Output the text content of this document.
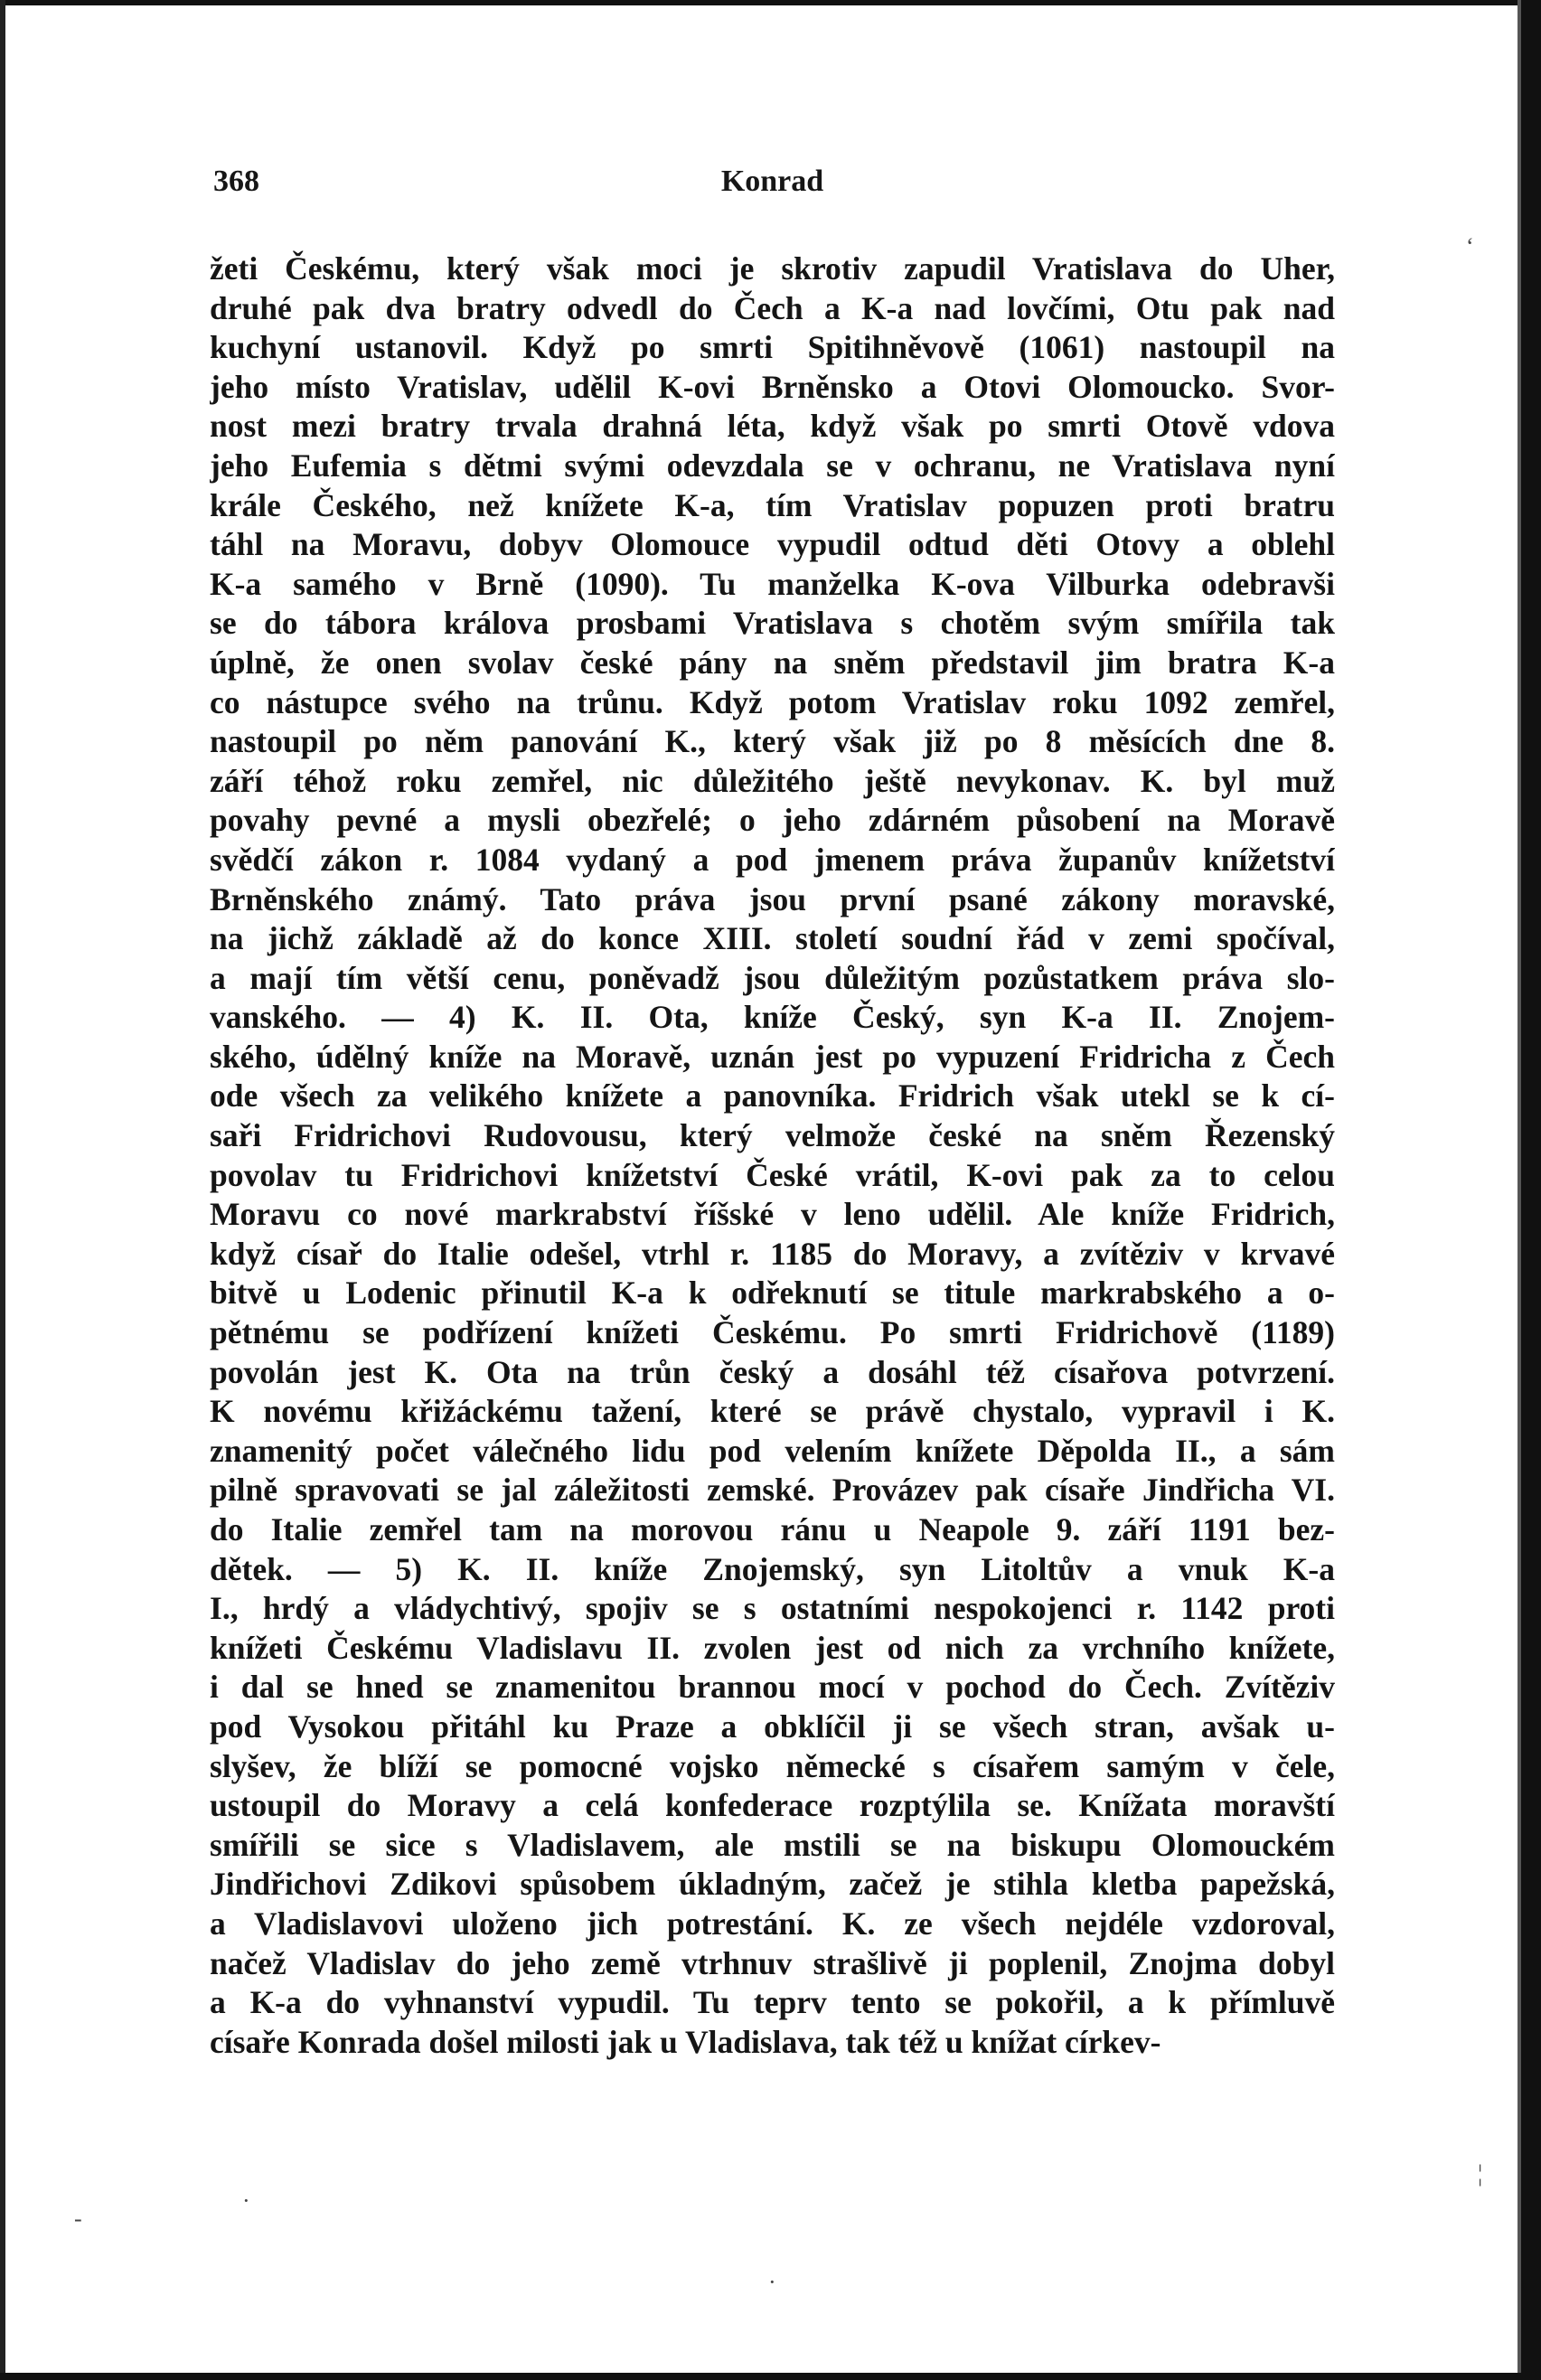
368	Konrad
žeti Českému, který však moci je skrotiv zapudil Vratislava do Uher,
druhé pak dva bratry odvedl do Čech a K-a nad lovčími, Otu pak nad
kuchyní ustanovil. Když po smrti Spitihněvově (1061) nastoupil na
jeho místo Vratislav, udělil K-ovi Brněnsko a Otovi Olomoucko. Svor-
nost mezi bratry trvala drahná léta, když však po smrti Otově vdova
jeho Eufemia s dětmi svými odevzdala se v ochranu, ne Vratislava nyní
krále Českého, než knížete K-a, tím Vratislav popuzen proti bratru
táhl na Moravu, dobyv Olomouce vypudil odtud děti Otovy a oblehl
K-a samého v Brně (1090). Tu manželka K-ova Vilburka odebravši
se do tábora králova prosbami Vratislava s chotěm svým smířila tak
úplně, že onen svolav české pány na sněm představil jim bratra K-a
co nástupce svého na trůnu. Když potom Vratislav roku 1092 zemřel,
nastoupil po něm panování K., který však již po 8 měsících dne 8.
září téhož roku zemřel, nic důležitého ještě nevykonav. K. byl muž
povahy pevné a mysli obezřelé; o jeho zdárném působení na Moravě
svědčí zákon r. 1084 vydaný a pod jmenem práva županův knížetství
Brněnského známý. Tato práva jsou první psané zákony moravské,
na jichž základě až do konce XIII. století soudní řád v zemi spočíval,
a mají tím větší cenu, poněvadž jsou důležitým pozůstatkem práva slo-
vanského. — 4) K. II. Ota, kníže Český, syn K-a II. Znojem-
ského, údělný kníže na Moravě, uznán jest po vypuzení Fridricha z Čech
ode všech za velikého knížete a panovníka. Fridrich však utekl se k cí-
saři Fridrichovi Rudovousu, který velmože české na sněm Řezenský
povolav tu Fridrichovi knížetství České vrátil, K-ovi pak za to celou
Moravu co nové markrabství říšské v leno udělil. Ale kníže Fridrich,
když císař do Italie odešel, vtrhl r. 1185 do Moravy, a zvítěziv v krvavé
bitvě u Lodenic přinutil K-a k odřeknutí se titule markrabského a o-
pětnému se podřízení knížeti Českému. Po smrti Fridrichově (1189)
povolán jest K. Ota na trůn český a dosáhl též císařova potvrzení.
K novému křižáckému tažení, které se právě chystalo, vypravil i K.
znamenitý počet válečného lidu pod velením knížete Děpolda II., a sám
pilně spravovati se jal záležitosti zemské. Provázev pak císaře Jindřicha VI.
do Italie zemřel tam na morovou ránu u Neapole 9. září 1191 bez-
dětek. — 5) K. II. kníže Znojemský, syn Litoltův a vnuk K-a
I., hrdý a vládychtivý, spojiv se s ostatními nespokojenci r. 1142 proti
knížeti Českému Vladislavu II. zvolen jest od nich za vrchního knížete,
i dal se hned se znamenitou brannou mocí v pochod do Čech. Zvítěziv
pod Vysokou přitáhl ku Praze a obklíčil ji se všech stran, avšak u-
slyšev, že blíží se pomocné vojsko německé s císařem samým v čele,
ustoupil do Moravy a celá konfederace rozptýlila se. Knížata moravští
smířili se sice s Vladislavem, ale mstili se na biskupu Olomouckém
Jindřichovi Zdikovi spůsobem úkladným, začež je stihla kletba papežská,
a Vladislavovi uloženo jich potrestání. K. ze všech nejdéle vzdoroval,
načež Vladislav do jeho země vtrhnuv strašlivě ji poplenil, Znojma dobyl
a K-a do vyhnanství vypudil. Tu teprv tento se pokořil, a k přímluvě
císaře Konrada došel milosti jak u Vladislava, tak též u knížat církev-
‘
¦
·
-
·
